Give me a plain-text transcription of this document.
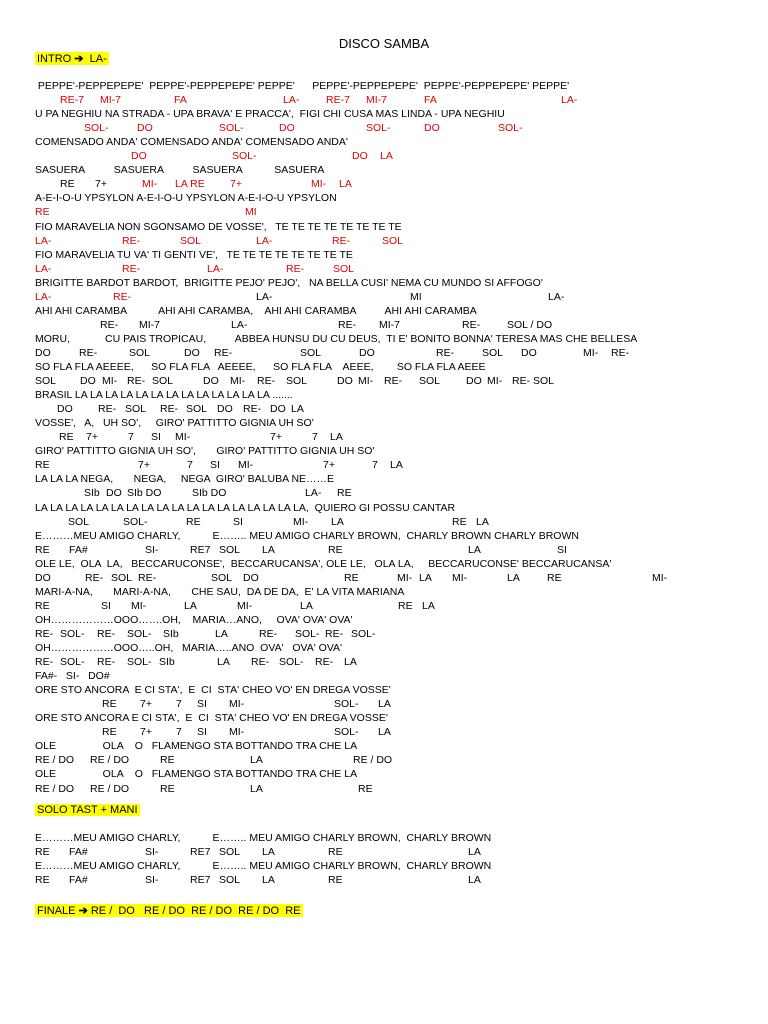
DISCO SAMBA
INTRO ➔ LA-
PEPPE'-PEPPEPEPE'  PEPPE'-PEPPEPEPE' PEPPE'      PEPPE'-PEPPEPEPE'  PEPPE'-PEPPEPEPE' PEPPE'
RE-7 MI-7	FA	LA-	RE-7 MI-7	FA	LA-
U PA NEGHIU NA STRADA - UPA BRAVA' E PRACCA',  FIGI CHI CUSA MAS LINDA - UPA NEGHIU
SOL-	DO	SOL-	DO	SOL-	DO	SOL-
COMENSADO ANDA' COMENSADO ANDA' COMENSADO ANDA'
DO	SOL-	DO LA
SASUERA          SASUERA          SASUERA           SASUERA
RE 7+	MI- LA RE 7+	MI- LA
A-E-I-O-U YPSYLON A-E-I-O-U YPSYLON A-E-I-O-U YPSYLON
RE	MI
FIO MARAVELIA NON SGONSAMO DE VOSSE',   TE TE TE TE TE TE TE TE
LA-	RE-	SOL	LA-	RE-	SOL
FIO MARAVELIA TU VA' TI GENTI VE',   TE TE TE TE TE TE TE TE
LA-	RE-	LA-	RE-	SOL
BRIGITTE BARDOT BARDOT,  BRIGITTE PEJO' PEJO',   NA BELLA CUSI' NEMA CU MUNDO SI AFFOGO'
LA-	RE-	LA-	MI	LA-
AHI AHI CARAMBA           AHI AHI CARAMBA,    AHI AHI CARAMBA          AHI AHI CARAMBA
RE- MI-7	LA-	RE- MI-7	RE-	SOL / DO
MORU,            CU PAIS TROPICAU,          ABBEA HUNSU DU CU DEUS,  TI E' BONITO BONNA' TERESA MAS CHE BELLESA
DO	RE-	SOL	DO RE-	SOL	DO	RE-	SOL DO	MI- RE-
SO FLA FLA AEEEE,      SO FLA FLA   AEEEE,      SO FLA FLA    AEEE,        SO FLA FLA AEEE
SOL DO MI- RE- SOL	DO MI- RE- SOL	DO MI- RE- SOL DO MI- RE- SOL
BRASIL LA LA LA LA LA LA LA LA LA LA LA LA LA .......
DO RE- SOL RE- SOL DO RE- DO LA
VOSSE',   A,   UH SO',     GIRO' PATTITTO GIGNIA UH SO'
RE 7+	7 SI MI-	7+	7 LA
GIRO' PATTITTO GIGNIA UH SO',       GIRO' PATTITTO GIGNIA UH SO'
RE	7+	7 SI MI-	7+	7 LA
LA LA LA NEGA,       NEGA,     NEGA  GIRO' BALUBA NE……E
SIb DO SIb DO	SIb DO	LA- RE
LA LA LA LA LA LA LA LA LA LA LA LA LA LA LA LA LA LA,  QUIERO GI POSSU CANTAR
SOL	SOL-	RE	SI	MI- LA	RE LA
E………MEU AMIGO CHARLY,           E…….. MEU AMIGO CHARLY BROWN,  CHARLY BROWN CHARLY BROWN
RE FA#	SI-	RE7 SOL LA	RE	LA	SI
OLE LE,  OLA  LA,   BECCARUCONSE',  BECCARUCANSA', OLE LE,   OLA LA,     BECCARUCONSE' BECCARUCANSA'
DO	RE- SOL RE-	SOL DO	RE	MI- LA MI-	LA	RE	MI-
MARI-A-NA,       MARI-A-NA,       CHE SAU,  DA DE DA,  E' LA VITA MARIANA
RE	SI MI-	LA	MI-	LA	RE LA
OH………………OOO…….OH,    MARIA…ANO,     OVA' OVA' OVA'
RE- SOL- RE- SOL- SIb	LA	RE- SOL- RE- SOL-
OH………………OOO…..OH,   MARIA…..ANO  OVA'   OVA' OVA'
RE- SOL- RE- SOL- SIb	LA RE- SOL- RE- LA
FA#-   SI-   DO#
ORE STO ANCORA  E CI STA',  E  CI  STA' CHEO VO' EN DREGA VOSSE'
RE 7+ 7 SI MI-	SOL- LA
ORE STO ANCORA E CI STA',  E  CI  STA' CHEO VO' EN DREGA VOSSE'
RE 7+ 7 SI MI-	SOL- LA
OLE                OLA    O   FLAMENGO STA BOTTANDO TRA CHE LA
RE / DO RE / DO	RE	LA	RE / DO
OLE                OLA    O   FLAMENGO STA BOTTANDO TRA CHE LA
RE / DO RE / DO	RE	LA	RE
SOLO TAST + MANI
E………MEU AMIGO CHARLY,           E…….. MEU AMIGO CHARLY BROWN,  CHARLY BROWN
RE FA#	SI-	RE7 SOL LA	RE	LA
E………MEU AMIGO CHARLY,           E…….. MEU AMIGO CHARLY BROWN,  CHARLY BROWN
RE FA#	SI-	RE7 SOL LA	RE	LA
FINALE ➔ RE /  DO   RE / DO  RE / DO  RE / DO  RE
